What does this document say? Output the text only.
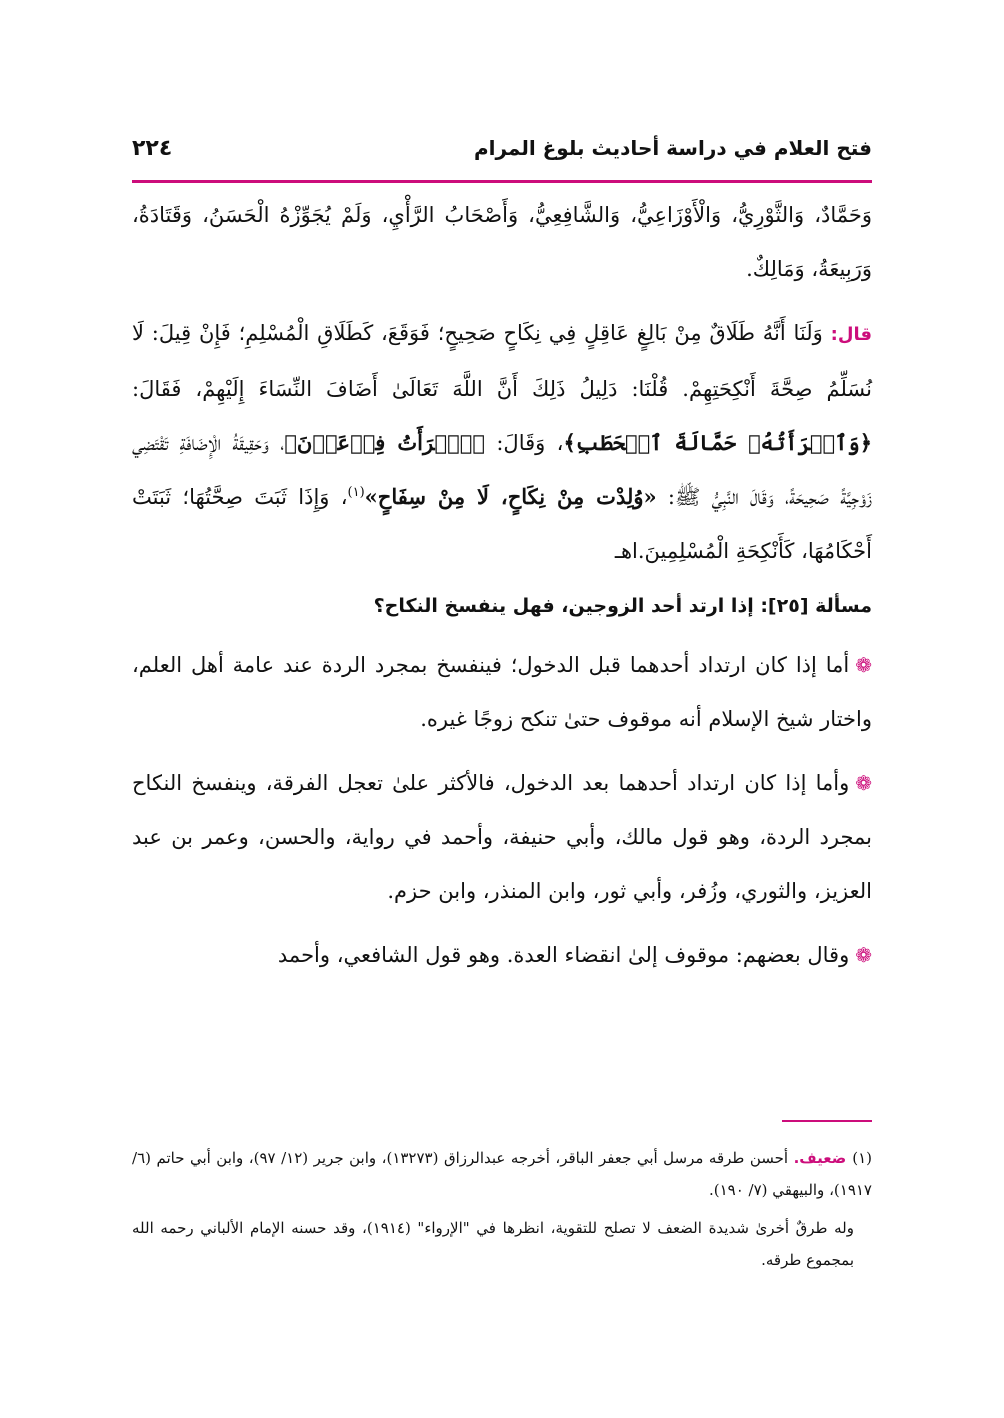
فتح العلام في دراسة أحاديث بلوغ المرام
٢٢٤

وَحَمَّادٌ، وَالثَّوْرِيُّ، وَالْأَوْزَاعِيُّ، وَالشَّافِعِيُّ، وَأَصْحَابُ الرَّأْيِ، وَلَمْ يُجَوِّزْهُ الْحَسَنُ، وَقَتَادَةُ، وَرَبِيعَةُ، وَمَالِكٌ.

قال: وَلَنَا أَنَّهُ طَلَاقٌ مِنْ بَالِغٍ عَاقِلٍ فِي نِكَاحٍ صَحِيحٍ؛ فَوَقَعَ، كَطَلَاقِ الْمُسْلِمِ؛ فَإِنْ قِيلَ: لَا نُسَلِّمُ صِحَّةَ أَنْكِحَتِهِمْ. قُلْنَا: دَلِيلُ ذَلِكَ أَنَّ اللَّهَ تَعَالَىٰ أَضَافَ النِّسَاءَ إِلَيْهِمْ، فَقَالَ: ﴿وَٱمۡرَأَتُهُۥ حَمَّالَةَ ٱلۡحَطَبِ﴾، وَقَالَ: ﴿ٱمۡرَأَتُ فِرۡعَوۡنَ﴾، وَحَقِيقَةُ الْإِضَافَةِ تَقْتَضِي زَوْجِيَّةً صَحِيحَةً، وَقَالَ النَّبِيُّ ﷺ: «وُلِدْت مِنْ نِكَاحٍ، لَا مِنْ سِفَاحٍ»$^{(١)}$، وَإِذَا ثَبَتَ صِحَّتُهَا؛ ثَبَتَتْ أَحْكَامُهَا، كَأَنْكِحَةِ الْمُسْلِمِينَ.اهـ

مسألة [٢٥]: إذا ارتد أحد الزوجين، فهل ينفسخ النكاح؟

❁أما إذا كان ارتداد أحدهما قبل الدخول؛ فينفسخ بمجرد الردة عند عامة أهل العلم، واختار شيخ الإسلام أنه موقوف حتىٰ تنكح زوجًا غيره.

❁وأما إذا كان ارتداد أحدهما بعد الدخول، فالأكثر علىٰ تعجل الفرقة، وينفسخ النكاح بمجرد الردة، وهو قول مالك، وأبي حنيفة، وأحمد في رواية، والحسن، وعمر بن عبد العزيز، والثوري، وزُفر، وأبي ثور، وابن المنذر، وابن حزم.

❁وقال بعضهم: موقوف إلىٰ انقضاء العدة. وهو قول الشافعي، وأحمد

(١)ضعيف. أحسن طرقه مرسل أبي جعفر الباقر، أخرجه عبدالرزاق (١٣٢٧٣)، وابن جرير (١٢/ ٩٧)، وابن أبي حاتم (٦/ ١٩١٧)، والبيهقي (٧/ ١٩٠).

وله طرقٌ أخرىٰ شديدة الضعف لا تصلح للتقوية، انظرها في "الإرواء" (١٩١٤)، وقد حسنه الإمام الألباني رحمه الله بمجموع طرقه.
